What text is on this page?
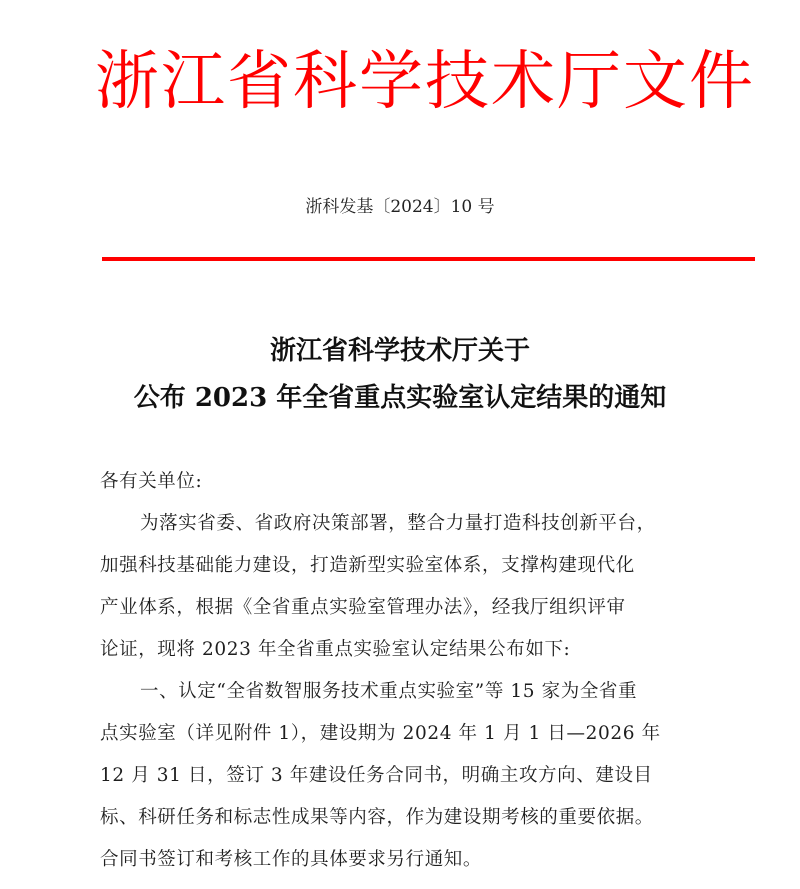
浙江省科学技术厅文件
浙科发基〔2024〕10 号
浙江省科学技术厅关于
公布 2023 年全省重点实验室认定结果的通知
各有关单位:
为落实省委、省政府决策部署，整合力量打造科技创新平台，
加强科技基础能力建设，打造新型实验室体系，支撑构建现代化
产业体系，根据《全省重点实验室管理办法》，经我厅组织评审
论证，现将 2023 年全省重点实验室认定结果公布如下:
一、认定“全省数智服务技术重点实验室”等 15 家为全省重
点实验室（详见附件 1），建设期为 2024 年 1 月 1 日—2026 年
12 月 31 日，签订 3 年建设任务合同书，明确主攻方向、建设目
标、科研任务和标志性成果等内容，作为建设期考核的重要依据。
合同书签订和考核工作的具体要求另行通知。
